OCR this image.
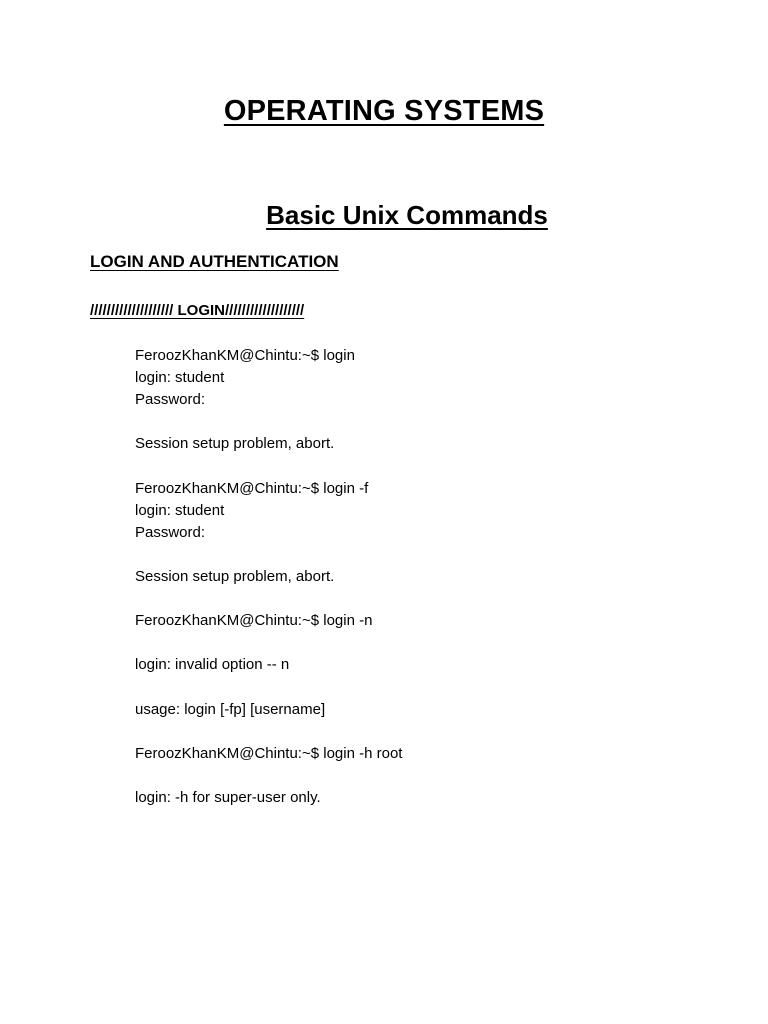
OPERATING SYSTEMS
Basic Unix Commands
LOGIN AND AUTHENTICATION
//////////////////// LOGIN///////////////////
FeroozKhanKM@Chintu:~$ login
login: student
Password:
Session setup problem, abort.
FeroozKhanKM@Chintu:~$ login -f
login: student
Password:
Session setup problem, abort.
FeroozKhanKM@Chintu:~$ login -n
login: invalid option -- n
usage: login [-fp] [username]
FeroozKhanKM@Chintu:~$ login -h root
login: -h for super-user only.
